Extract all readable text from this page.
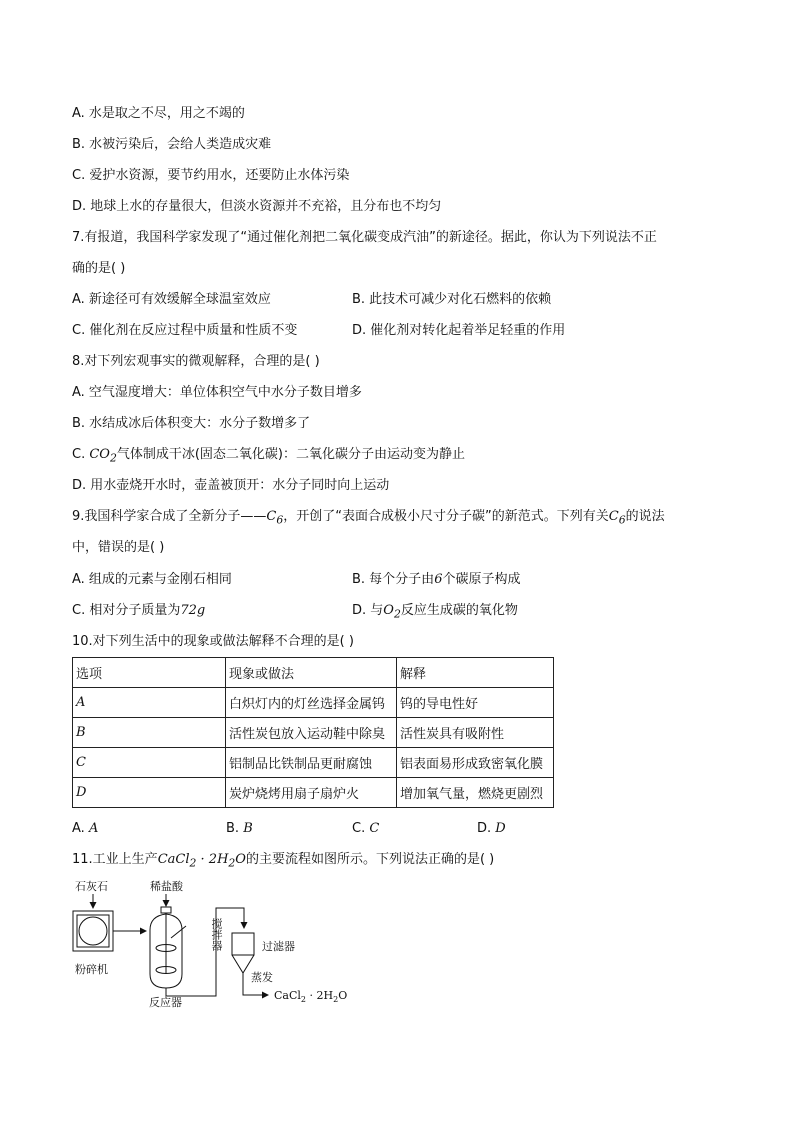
A. 水是取之不尽，用之不竭的
B. 水被污染后，会给人类造成灾难
C. 爱护水资源，要节约用水，还要防止水体污染
D. 地球上水的存量很大，但淡水资源并不充裕，且分布也不均匀
7.有报道，我国科学家发现了“通过催化剂把二氧化碳变成汽油”的新途径。据此，你认为下列说法不正
确的是( )
A. 新途径可有效缓解全球温室效应	B. 此技术可减少对化石燃料的依赖
C. 催化剂在反应过程中质量和性质不变	D. 催化剂对转化起着举足轻重的作用
8.对下列宏观事实的微观解释，合理的是( )
A. 空气湿度增大：单位体积空气中水分子数目增多
B. 水结成冰后体积变大：水分子数增多了
C. $CO_2$气体制成干冰(固态二氧化碳)：二氧化碳分子由运动变为静止
D. 用水壶烧开水时，壶盖被顶开：水分子同时向上运动
9.我国科学家合成了全新分子$——C_6$，开创了“表面合成极小尺寸分子碳”的新范式。下列有关$C_6$的说法
中，错误的是( )
A. 组成的元素与金刚石相同	B. 每个分子由6个碳原子构成
C. 相对分子质量为72g	D. 与$O_2$反应生成碳的氧化物
10.对下列生活中的现象或做法解释不合理的是( )
选项	现象或做法	解释
A	白炽灯内的灯丝选择金属钨	钨的导电性好
B	活性炭包放入运动鞋中除臭	活性炭具有吸附性
C	铝制品比铁制品更耐腐蚀	铝表面易形成致密氧化膜
D	炭炉烧烤用扇子扇炉火	增加氧气量，燃烧更剧烈
A. A	B. B	C. C	D. D
11.工业上生产CaCl$_2$ · $2H_2O$的主要流程如图所示。下列说法正确的是( )
石灰石
粉碎机
稀盐酸
搅拌器
反应器
过滤器
蒸发
CaCl$_2$ · $2H_2O$
